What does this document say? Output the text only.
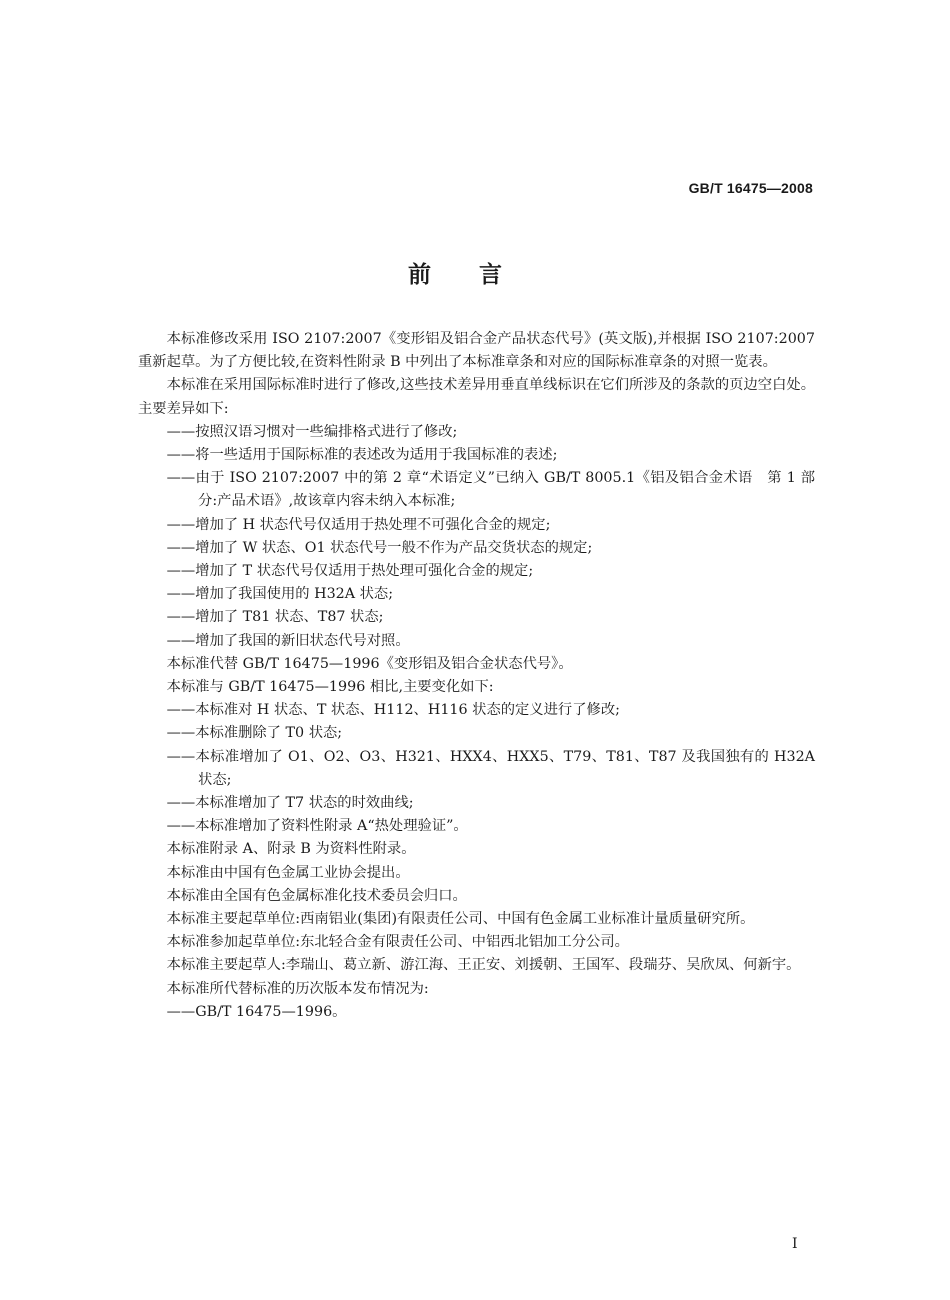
GB/T 16475—2008
前言

本标准修改采用 ISO 2107:2007《变形铝及铝合金产品状态代号》(英文版),并根据 ISO 2107:2007 重新起草。为了方便比较,在资料性附录 B 中列出了本标准章条和对应的国际标准章条的对照一览表。

本标准在采用国际标准时进行了修改,这些技术差异用垂直单线标识在它们所涉及的条款的页边空白处。主要差异如下:

——按照汉语习惯对一些编排格式进行了修改;

——将一些适用于国际标准的表述改为适用于我国标准的表述;

——由于 ISO 2107:2007 中的第 2 章“术语定义”已纳入 GB/T 8005.1《铝及铝合金术语　第 1 部分:产品术语》,故该章内容未纳入本标准;

——增加了 H 状态代号仅适用于热处理不可强化合金的规定;

——增加了 W 状态、O1 状态代号一般不作为产品交货状态的规定;

——增加了 T 状态代号仅适用于热处理可强化合金的规定;

——增加了我国使用的 H32A 状态;

——增加了 T81 状态、T87 状态;

——增加了我国的新旧状态代号对照。

本标准代替 GB/T 16475—1996《变形铝及铝合金状态代号》。

本标准与 GB/T 16475—1996 相比,主要变化如下:

——本标准对 H 状态、T 状态、H112、H116 状态的定义进行了修改;

——本标准删除了 T0 状态;

——本标准增加了 O1、O2、O3、H321、HXX4、HXX5、T79、T81、T87 及我国独有的 H32A 状态;

——本标准增加了 T7 状态的时效曲线;

——本标准增加了资料性附录 A“热处理验证”。

本标准附录 A、附录 B 为资料性附录。

本标准由中国有色金属工业协会提出。

本标准由全国有色金属标准化技术委员会归口。

本标准主要起草单位:西南铝业(集团)有限责任公司、中国有色金属工业标准计量质量研究所。

本标准参加起草单位:东北轻合金有限责任公司、中铝西北铝加工分公司。

本标准主要起草人:李瑞山、葛立新、游江海、王正安、刘援朝、王国军、段瑞芬、吴欣凤、何新宇。

本标准所代替标准的历次版本发布情况为:

——GB/T 16475—1996。

I
